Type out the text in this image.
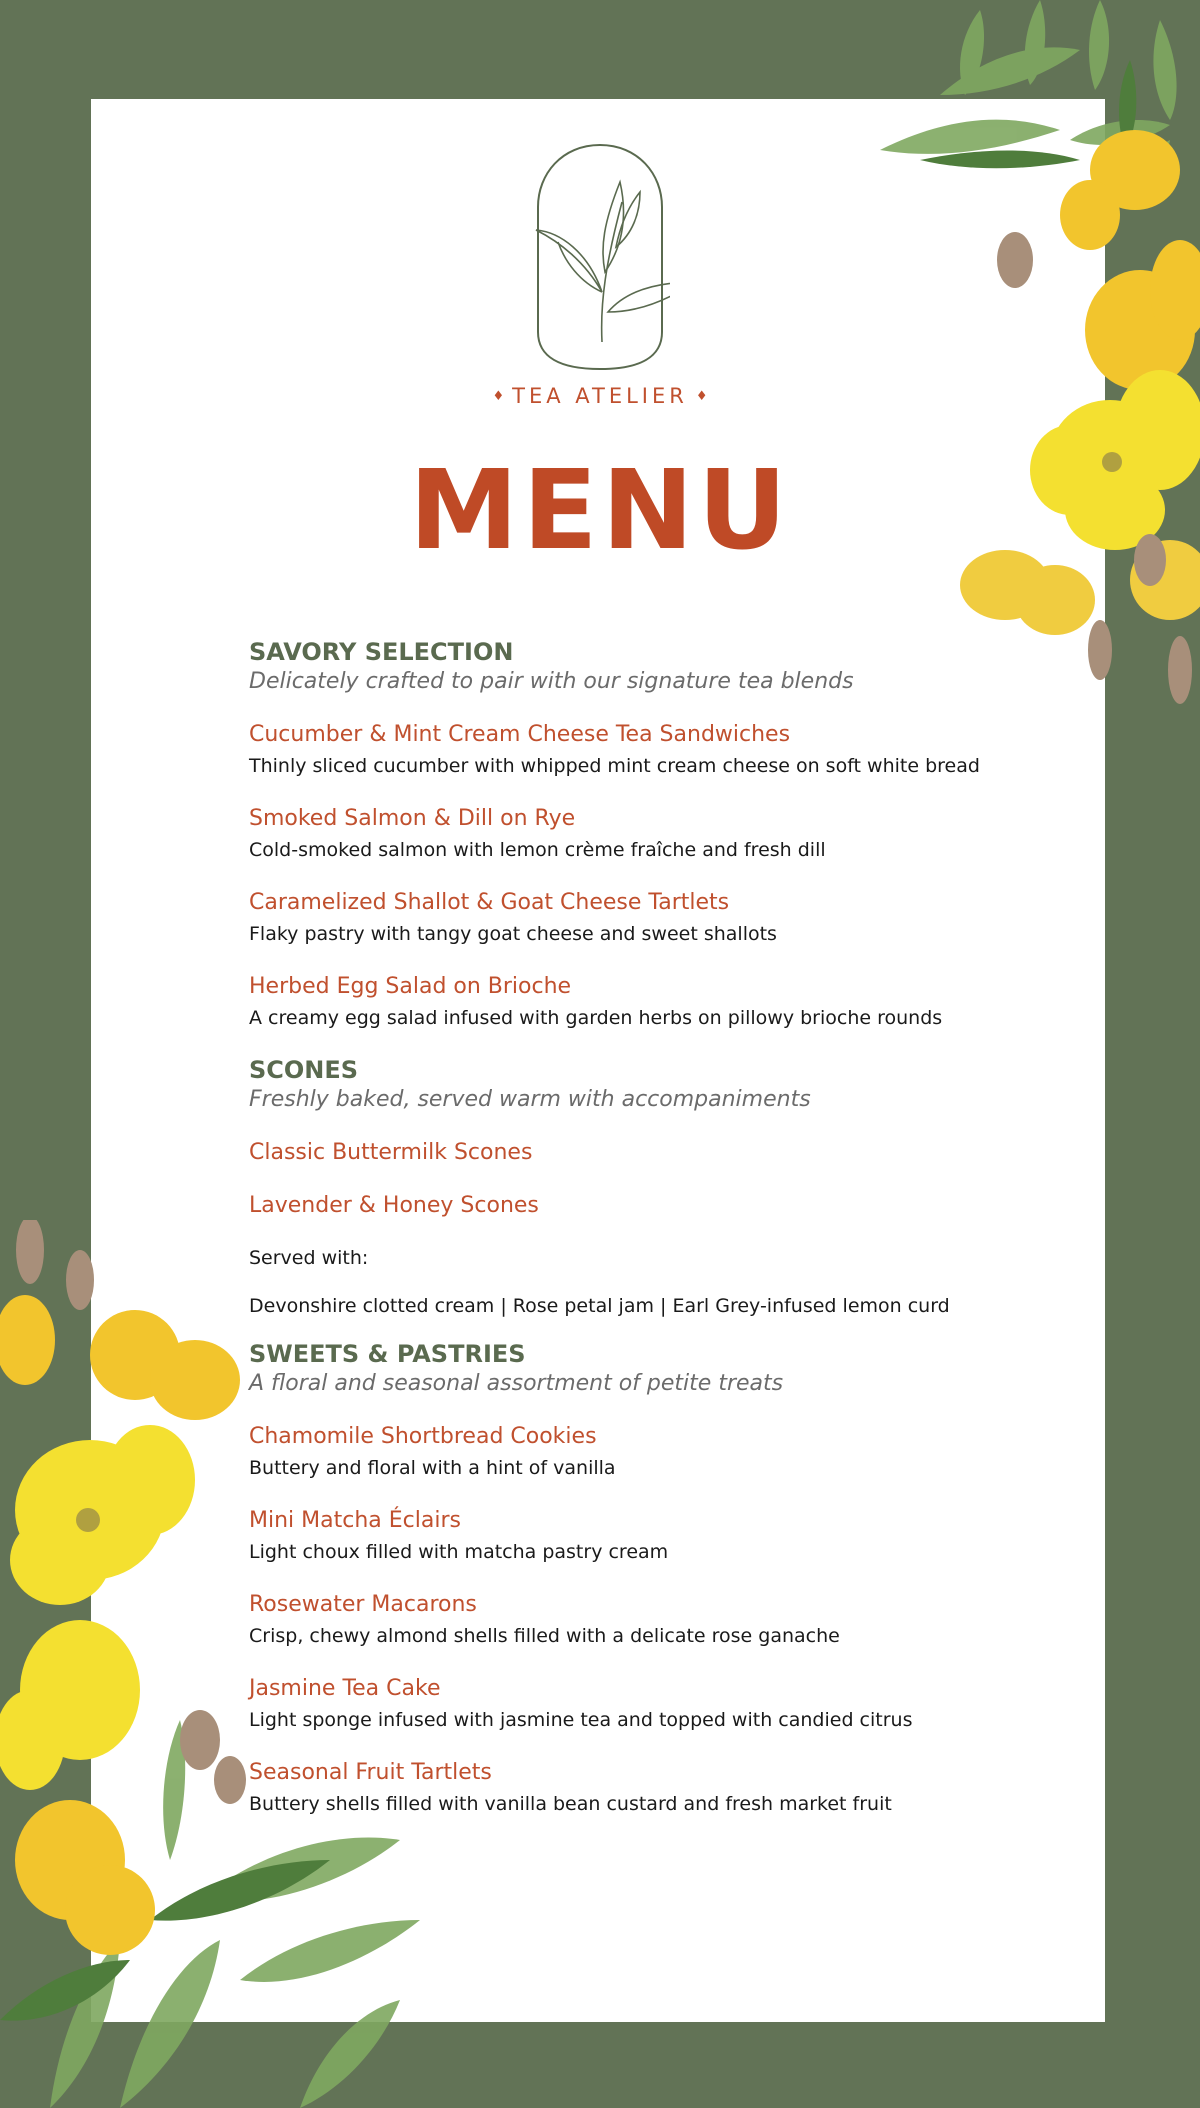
♦ TEA ATELIER ♦
MENU
SAVORY SELECTION
Delicately crafted to pair with our signature tea blends
Cucumber & Mint Cream Cheese Tea Sandwiches
Thinly sliced cucumber with whipped mint cream cheese on soft white bread
Smoked Salmon & Dill on Rye
Cold-smoked salmon with lemon crème fraîche and fresh dill
Caramelized Shallot & Goat Cheese Tartlets
Flaky pastry with tangy goat cheese and sweet shallots
Herbed Egg Salad on Brioche
A creamy egg salad infused with garden herbs on pillowy brioche rounds
SCONES
Freshly baked, served warm with accompaniments
Classic Buttermilk Scones
Lavender & Honey Scones
Served with:
Devonshire clotted cream | Rose petal jam | Earl Grey-infused lemon curd
SWEETS & PASTRIES
A floral and seasonal assortment of petite treats
Chamomile Shortbread Cookies
Buttery and floral with a hint of vanilla
Mini Matcha Éclairs
Light choux filled with matcha pastry cream
Rosewater Macarons
Crisp, chewy almond shells filled with a delicate rose ganache
Jasmine Tea Cake
Light sponge infused with jasmine tea and topped with candied citrus
Seasonal Fruit Tartlets
Buttery shells filled with vanilla bean custard and fresh market fruit
